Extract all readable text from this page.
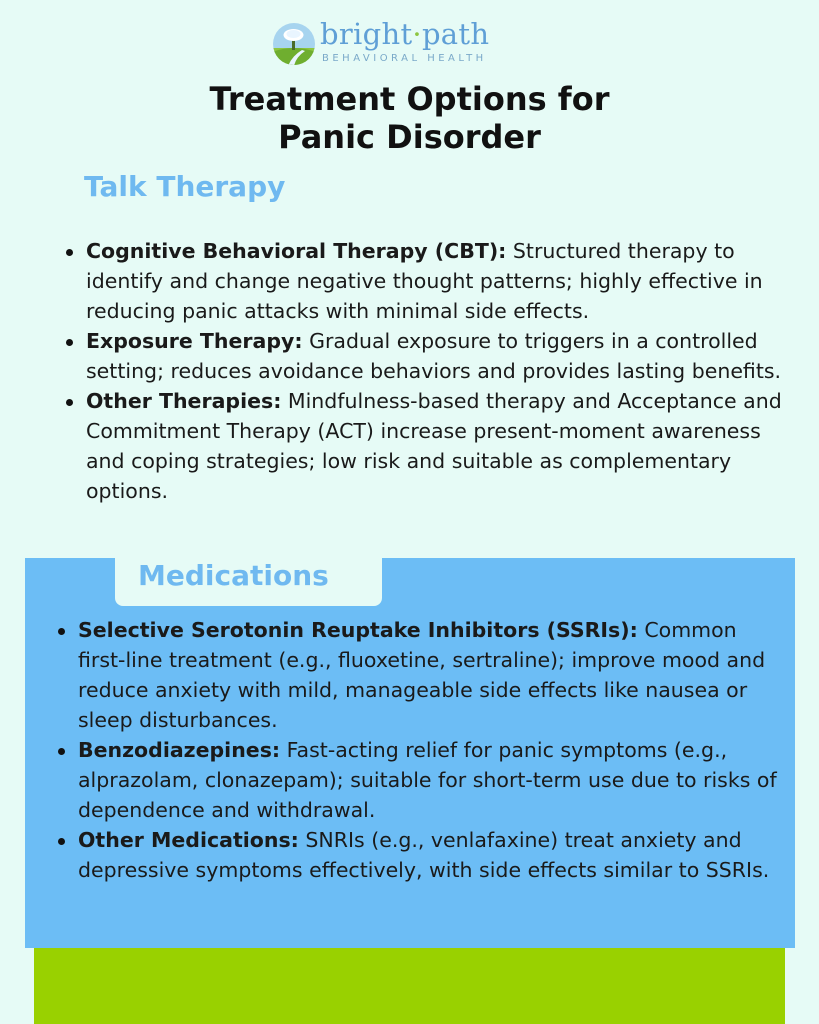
bright·path
BEHAVIORAL HEALTH
Treatment Options for
Panic Disorder
Talk Therapy
Cognitive Behavioral Therapy (CBT): Structured therapy to identify and change negative thought patterns; highly effective in reducing panic attacks with minimal side effects.
Exposure Therapy: Gradual exposure to triggers in a controlled setting; reduces avoidance behaviors and provides lasting benefits.
Other Therapies: Mindfulness-based therapy and Acceptance and Commitment Therapy (ACT) increase present-moment awareness and coping strategies; low risk and suitable as complementary options.
Medications
Selective Serotonin Reuptake Inhibitors (SSRIs): Common first-line treatment (e.g., fluoxetine, sertraline); improve mood and reduce anxiety with mild, manageable side effects like nausea or sleep disturbances.
Benzodiazepines: Fast-acting relief for panic symptoms (e.g., alprazolam, clonazepam); suitable for short-term use due to risks of dependence and withdrawal.
Other Medications: SNRIs (e.g., venlafaxine) treat anxiety and depressive symptoms effectively, with side effects similar to SSRIs.
